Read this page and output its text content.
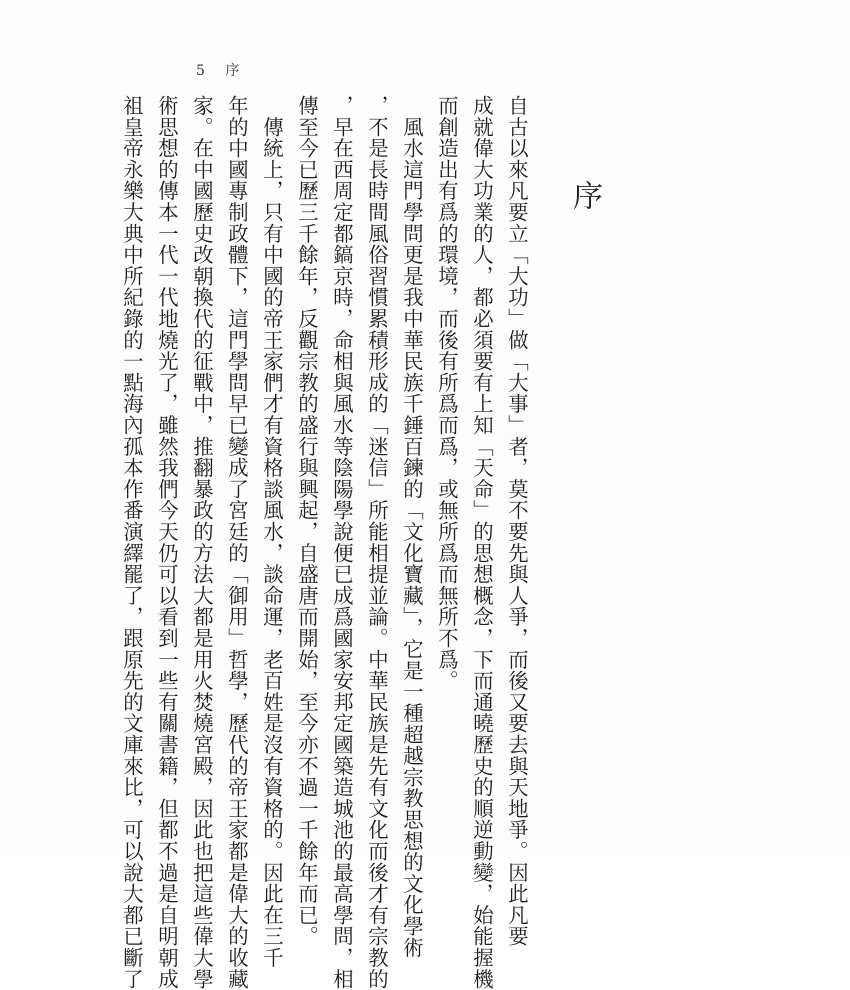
5 序
序
自古以來凡要立「大功」做「大事」者，莫不要先與人爭，而後又要去與天地爭。因此凡要
成就偉大功業的人，都必須要有上知「天命」的思想概念，下而通曉歷史的順逆動變，始能握機
而創造出有爲的環境，而後有所爲而爲，或無所爲而無所不爲。
　風水這門學問更是我中華民族千錘百鍊的「文化寶藏」，它是一種超越宗教思想的文化學術
，不是長時間風俗習慣累積形成的「迷信」所能相提並論。中華民族是先有文化而後才有宗教的
，早在西周定都鎬京時，命相與風水等陰陽學說便已成爲國家安邦定國築造城池的最高學問，相
傳至今已歷三千餘年，反觀宗教的盛行與興起，自盛唐而開始，至今亦不過一千餘年而已。
　傳統上，只有中國的帝王家們才有資格談風水，談命運，老百姓是沒有資格的。因此在三千
年的中國專制政體下，這門學問早已變成了宮廷的「御用」哲學，歷代的帝王家都是偉大的收藏
家。在中國歷史改朝換代的征戰中，推翻暴政的方法大都是用火焚燒宮殿，因此也把這些偉大學
術思想的傳本一代一代地燒光了，雖然我們今天仍可以看到一些有關書籍，但都不過是自明朝成
祖皇帝永樂大典中所紀錄的一點海內孤本作番演繹罷了，跟原先的文庫來比，可以說大都已斷了
